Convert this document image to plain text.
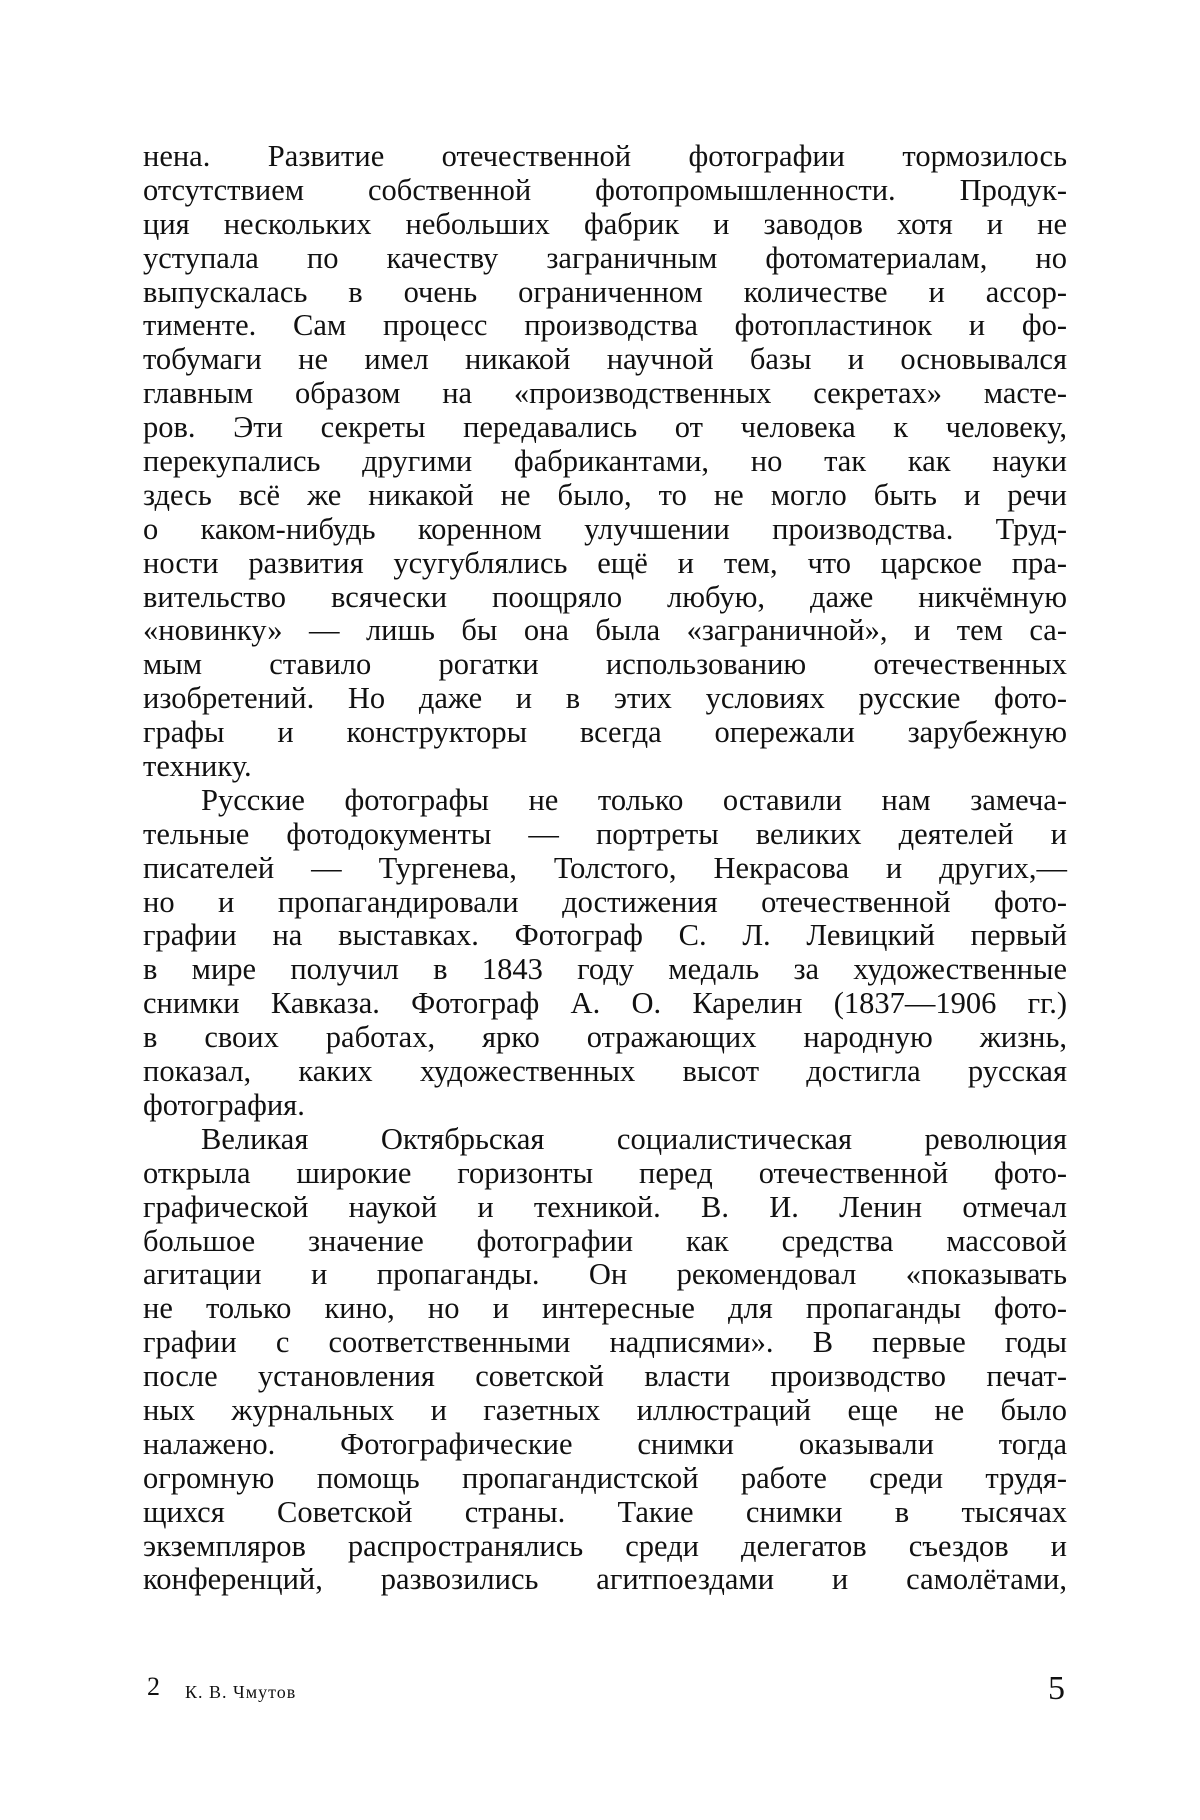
нена. Развитие отечественной фотографии тормозилось
отсутствием собственной фотопромышленности. Продук-
ция нескольких небольших фабрик и заводов хотя и не
уступала по качеству заграничным фотоматериалам, но
выпускалась в очень ограниченном количестве и ассор-
тименте. Сам процесс производства фотопластинок и фо-
тобумаги не имел никакой научной базы и основывался
главным образом на «производственных секретах» масте-
ров. Эти секреты передавались от человека к человеку,
перекупались другими фабрикантами, но так как науки
здесь всё же никакой не было, то не могло быть и речи
о каком-нибудь коренном улучшении производства. Труд-
ности развития усугублялись ещё и тем, что царское пра-
вительство всячески поощряло любую, даже никчёмную
«новинку» — лишь бы она была «заграничной», и тем са-
мым ставило рогатки использованию отечественных
изобретений. Но даже и в этих условиях русские фото-
графы и конструкторы всегда опережали зарубежную
технику.
Русские фотографы не только оставили нам замеча-
тельные фотодокументы — портреты великих деятелей и
писателей — Тургенева, Толстого, Некрасова и других,—
но и пропагандировали достижения отечественной фото-
графии на выставках. Фотограф С. Л. Левицкий первый
в мире получил в 1843 году медаль за художественные
снимки Кавказа. Фотограф А. О. Карелин (1837—1906 гг.)
в своих работах, ярко отражающих народную жизнь,
показал, каких художественных высот достигла русская
фотография.
Великая Октябрьская социалистическая революция
открыла широкие горизонты перед отечественной фото-
графической наукой и техникой. В. И. Ленин отмечал
большое значение фотографии как средства массовой
агитации и пропаганды. Он рекомендовал «показывать
не только кино, но и интересные для пропаганды фото-
графии с соответственными надписями». В первые годы
после установления советской власти производство печат-
ных журнальных и газетных иллюстраций еще не было
налажено. Фотографические снимки оказывали тогда
огромную помощь пропагандистской работе среди трудя-
щихся Советской страны. Такие снимки в тысячах
экземпляров распространялись среди делегатов съездов и
конференций, развозились агитпоездами и самолётами,
2 К. В. Чмутов	5
